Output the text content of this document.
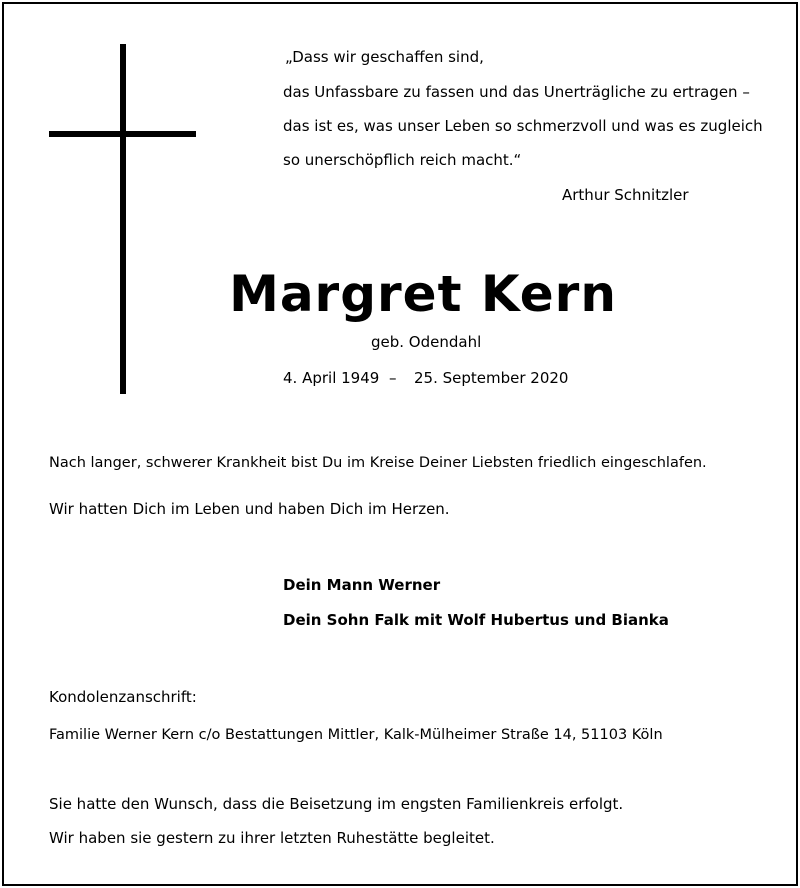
„Dass wir geschaffen sind,
das Unfassbare zu fassen und das Unerträgliche zu ertragen –
das ist es, was unser Leben so schmerzvoll und was es zugleich
so unerschöpflich reich macht.“
Arthur Schnitzler
Margret Kern
geb. Odendahl
4. April 1949 – 25. September 2020
Nach langer, schwerer Krankheit bist Du im Kreise Deiner Liebsten friedlich eingeschlafen.
Wir hatten Dich im Leben und haben Dich im Herzen.
Dein Mann Werner
Dein Sohn Falk mit Wolf Hubertus und Bianka
Kondolenzanschrift:
Familie Werner Kern c/o Bestattungen Mittler, Kalk-Mülheimer Straße 14, 51103 Köln
Sie hatte den Wunsch, dass die Beisetzung im engsten Familienkreis erfolgt.
Wir haben sie gestern zu ihrer letzten Ruhestätte begleitet.
